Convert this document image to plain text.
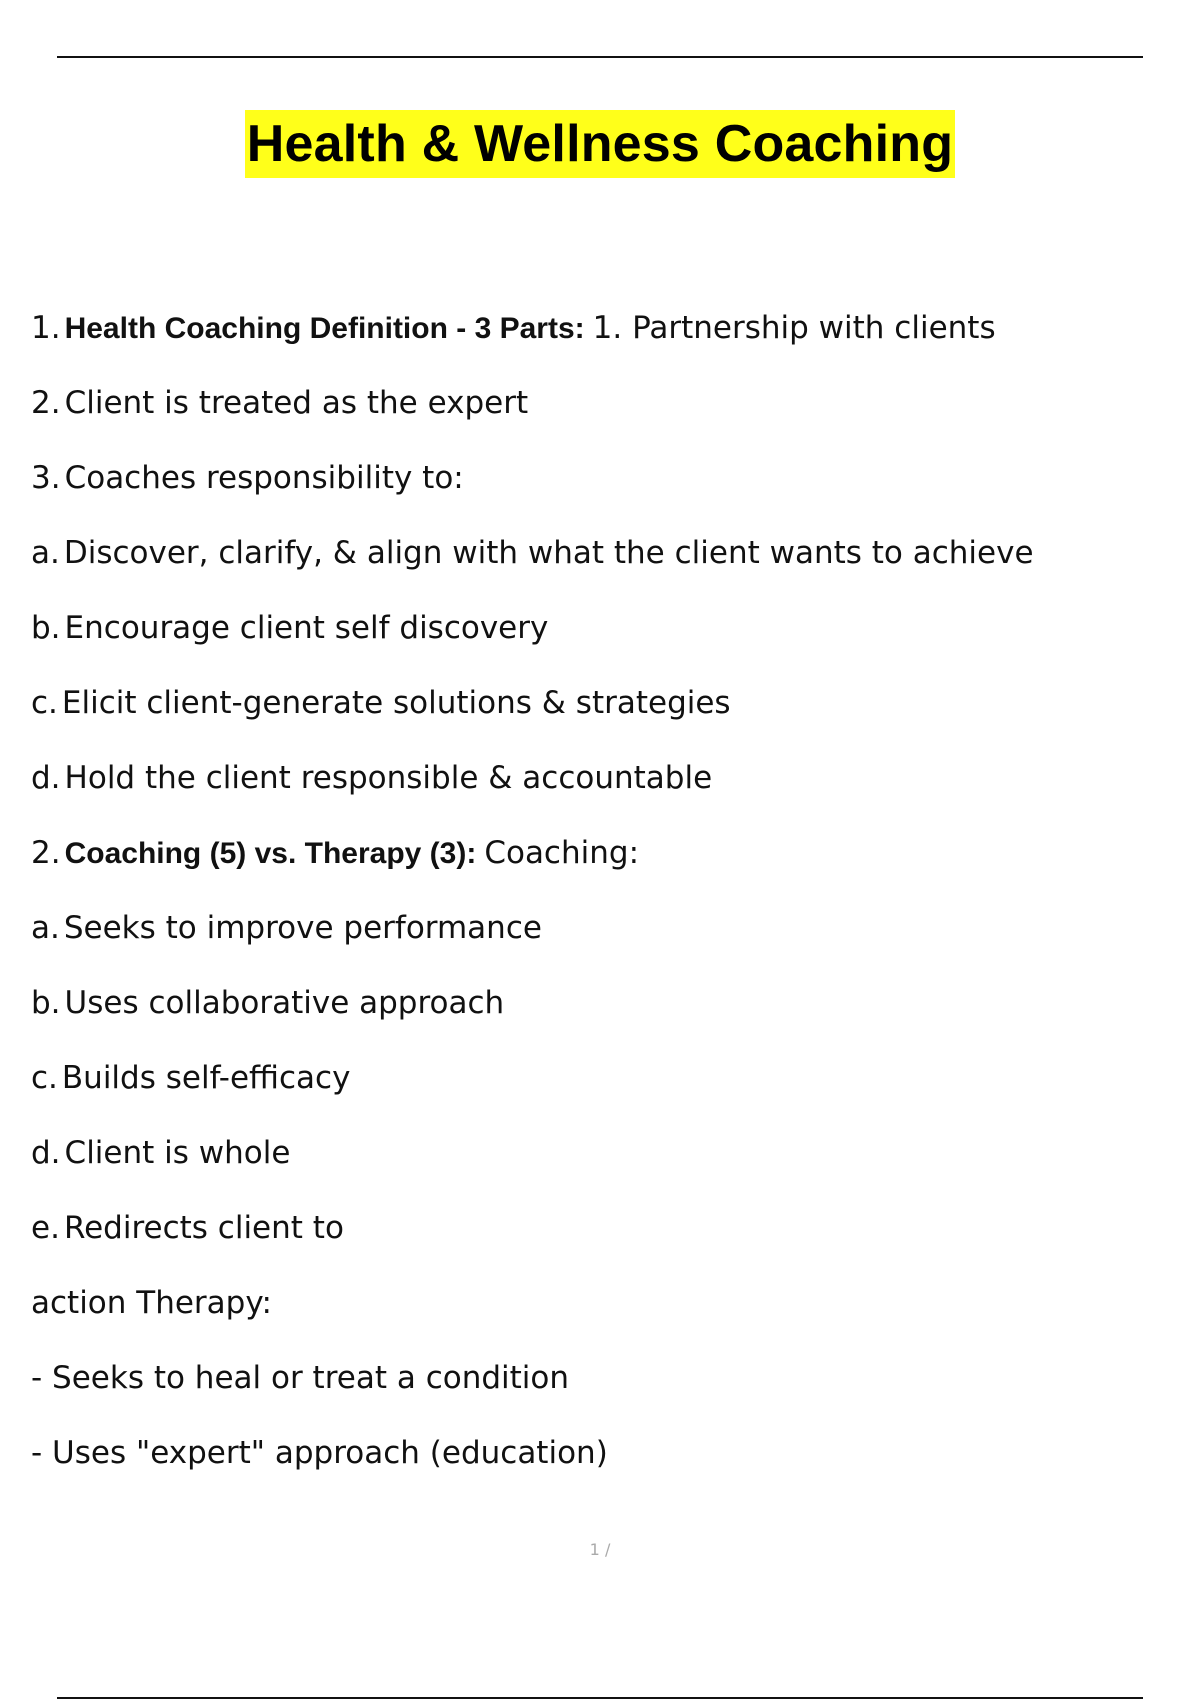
Health & Wellness Coaching
1. Health Coaching Definition - 3 Parts: 1. Partnership with clients
2. Client is treated as the expert
3. Coaches responsibility to:
a. Discover, clarify, & align with what the client wants to achieve
b. Encourage client self discovery
c. Elicit client-generate solutions & strategies
d. Hold the client responsible & accountable
2. Coaching (5) vs. Therapy (3): Coaching:
a. Seeks to improve performance
b. Uses collaborative approach
c. Builds self-efficacy
d. Client is whole
e. Redirects client to
action Therapy:
- Seeks to heal or treat a condition
- Uses "expert" approach (education)
1 /
